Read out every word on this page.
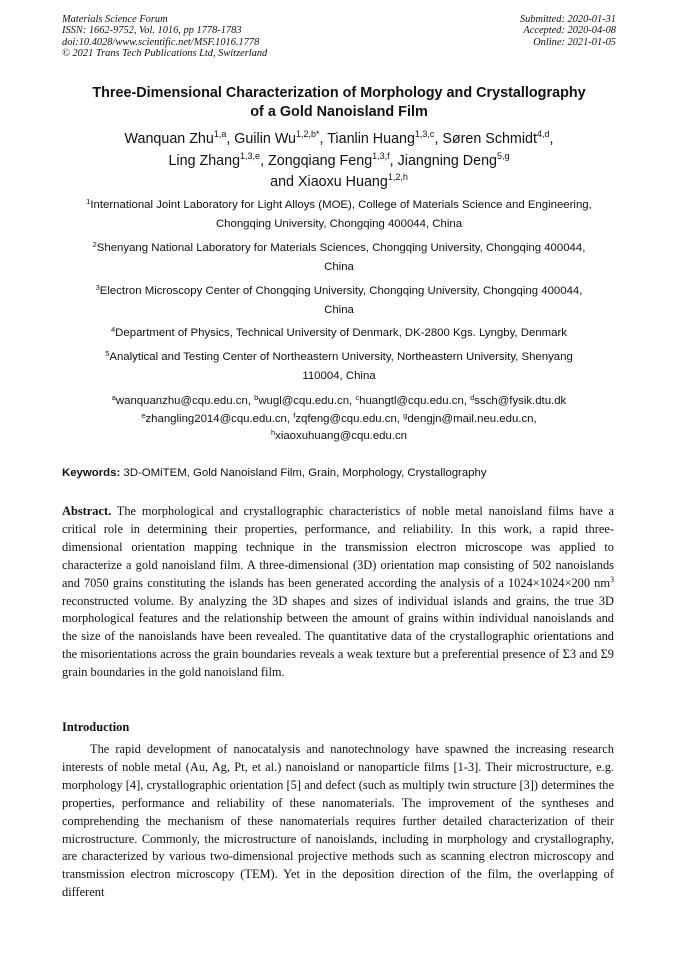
Materials Science Forum
ISSN: 1662-9752, Vol. 1016, pp 1778-1783
doi:10.4028/www.scientific.net/MSF.1016.1778
© 2021 Trans Tech Publications Ltd, Switzerland
Submitted: 2020-01-31
Accepted: 2020-04-08
Online: 2021-01-05
Three-Dimensional Characterization of Morphology and Crystallography
of a Gold Nanoisland Film
Wanquan Zhu$^{1,a}$, Guilin $Wu^{1,2,b*}$, Tianlin Huang$^{1,3,c}$, Søren Schmidt$^{4,d}$,
Ling Zhang$^{1,3,e}$, Zongqiang Feng$^{1,3,f}$, Jiangning Deng$^{5,g}$
and Xiaoxu Huang$^{1,2,h}$
$^1$International Joint Laboratory for Light Alloys (MOE), College of Materials Science and Engineering,
Chongqing University, Chongqing 400044, China
$^2$Shenyang National Laboratory for Materials Sciences, Chongqing University, Chongqing 400044,
China
$^3$Electron Microscopy Center of Chongqing University, Chongqing University, Chongqing 400044,
China
$^4$Department of Physics, Technical University of Denmark, DK-2800 Kgs. Lyngby, Denmark
$^5$Analytical and Testing Center of Northeastern University, Northeastern University, Shenyang
110004, China
$^a$wanquanzhu@cqu.edu.cn, $^b$wugl@cqu.edu.cn, $^c$huangtl@cqu.edu.cn, $^d$ssch@fysik.dtu.dk
$^e$zhangling2014@cqu.edu.cn, $^f$zqfeng@cqu.edu.cn, $^g$dengjn@mail.neu.edu.cn,
$^h$xiaoxuhuang@cqu.edu.cn
Keywords: 3D-OMiTEM, Gold Nanoisland Film, Grain, Morphology, Crystallography
Abstract. The morphological and crystallographic characteristics of noble metal nanoisland films have a critical role in determining their properties, performance, and reliability. In this work, a rapid three-dimensional orientation mapping technique in the transmission electron microscope was applied to characterize a gold nanoisland film. A three-dimensional (3D) orientation map consisting of 502 nanoislands and 7050 grains constituting the islands has been generated according the analysis of a 1024×1024×200 $nm^3$ reconstructed volume. By analyzing the 3D shapes and sizes of individual islands and grains, the true 3D morphological features and the relationship between the amount of grains within individual nanoislands and the size of the nanoislands have been revealed. The quantitative data of the crystallographic orientations and the misorientations across the grain boundaries reveals a weak texture but a preferential presence of Σ3 and Σ9 grain boundaries in the gold nanoisland film.
Introduction
The rapid development of nanocatalysis and nanotechnology have spawned the increasing research interests of noble metal (Au, Ag, Pt, et al.) nanoisland or nanoparticle films [1-3]. Their microstructure, e.g. morphology [4], crystallographic orientation [5] and defect (such as multiply twin structure [3]) determines the properties, performance and reliability of these nanomaterials. The improvement of the syntheses and comprehending the mechanism of these nanomaterials requires further detailed characterization of their microstructure. Commonly, the microstructure of nanoislands, including in morphology and crystallography, are characterized by various two-dimensional projective methods such as scanning electron microscopy and transmission electron microscopy (TEM). Yet in the deposition direction of the film, the overlapping of different
